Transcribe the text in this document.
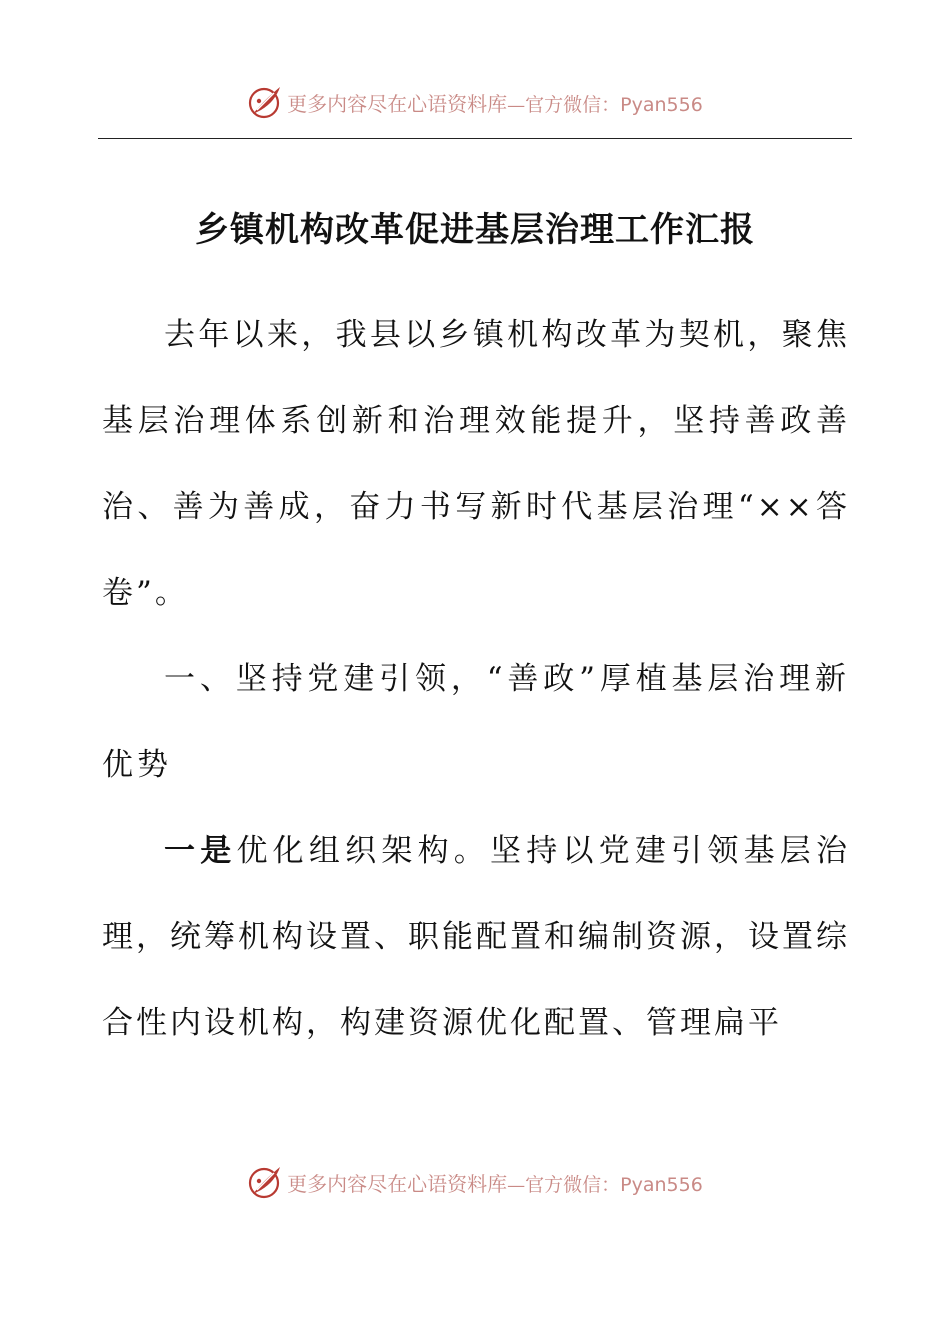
更多内容尽在心语资料库—官方微信：Pyan556
乡镇机构改革促进基层治理工作汇报

去年以来，我县以乡镇机构改革为契机，聚焦基层治理体系创新和治理效能提升，坚持善政善治、善为善成，奋力书写新时代基层治理“××答卷”。

一、坚持党建引领，“善政”厚植基层治理新优势

一是优化组织架构。坚持以党建引领基层治理，统筹机构设置、职能配置和编制资源，设置综合性内设机构，构建资源优化配置、管理扁平

更多内容尽在心语资料库—官方微信：Pyan556
